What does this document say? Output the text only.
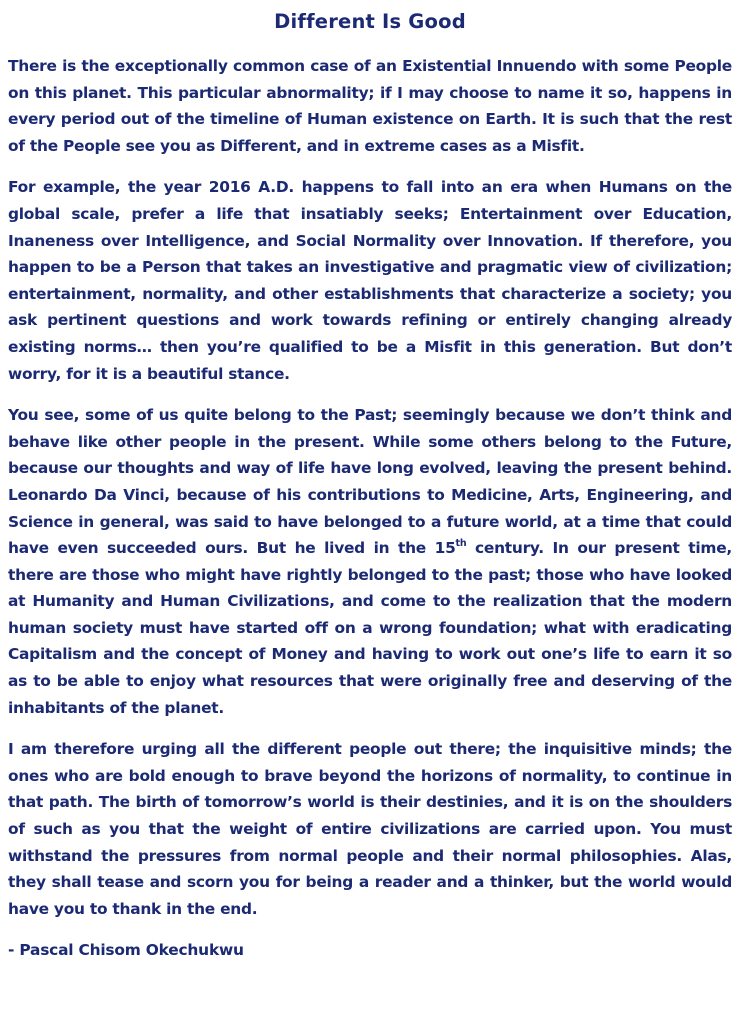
Different Is Good

There is the exceptionally common case of an Existential Innuendo with some People on this planet. This particular abnormality; if I may choose to name it so, happens in every period out of the timeline of Human existence on Earth. It is such that the rest of the People see you as Different, and in extreme cases as a Misfit.

For example, the year 2016 A.D. happens to fall into an era when Humans on the global scale, prefer a life that insatiably seeks; Entertainment over Education, Inaneness over Intelligence, and Social Normality over Innovation. If therefore, you happen to be a Person that takes an investigative and pragmatic view of civilization; entertainment, normality, and other establishments that characterize a society; you ask pertinent questions and work towards refining or entirely changing already existing norms… then you’re qualified to be a Misfit in this generation. But don’t worry, for it is a beautiful stance.

You see, some of us quite belong to the Past; seemingly because we don’t think and behave like other people in the present. While some others belong to the Future, because our thoughts and way of life have long evolved, leaving the present behind. Leonardo Da Vinci, because of his contributions to Medicine, Arts, Engineering, and Science in general, was said to have belonged to a future world, at a time that could have even succeeded ours. But he lived in the 15th century. In our present time, there are those who might have rightly belonged to the past; those who have looked at Humanity and Human Civilizations, and come to the realization that the modern human society must have started off on a wrong foundation; what with eradicating Capitalism and the concept of Money and having to work out one’s life to earn it so as to be able to enjoy what resources that were originally free and deserving of the inhabitants of the planet.

I am therefore urging all the different people out there; the inquisitive minds; the ones who are bold enough to brave beyond the horizons of normality, to continue in that path. The birth of tomorrow’s world is their destinies, and it is on the shoulders of such as you that the weight of entire civilizations are carried upon. You must withstand the pressures from normal people and their normal philosophies. Alas, they shall tease and scorn you for being a reader and a thinker, but the world would have you to thank in the end.

- Pascal Chisom Okechukwu
